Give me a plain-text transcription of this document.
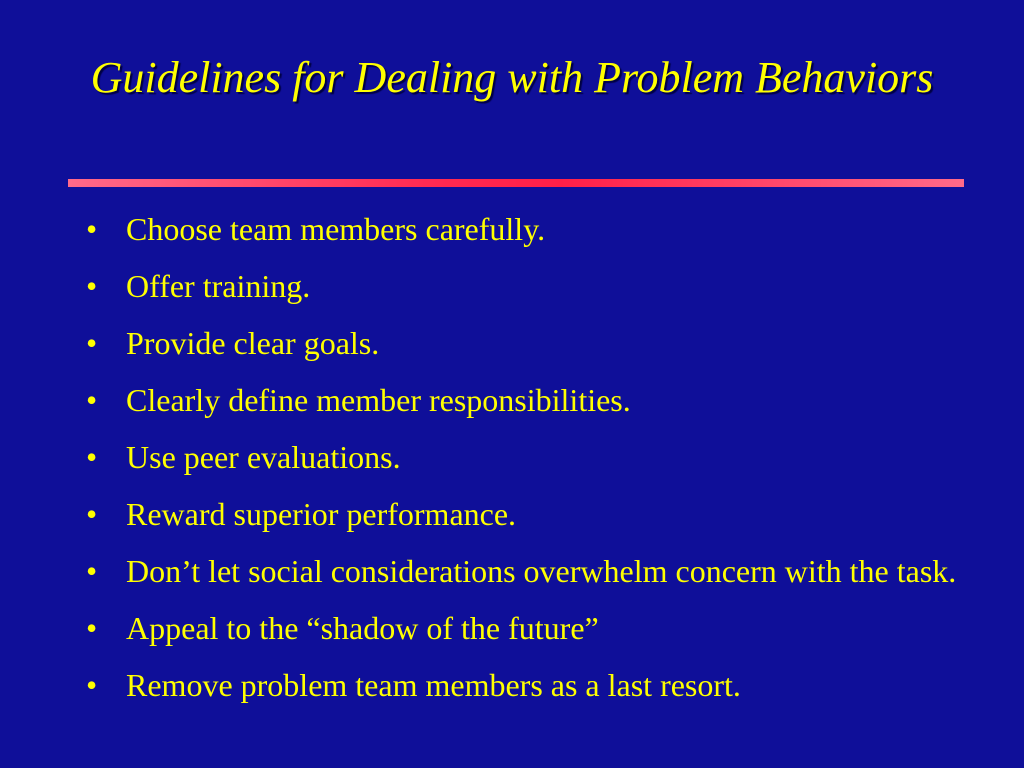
Guidelines for Dealing with Problem Behaviors
• Choose team members carefully.
• Offer training.
• Provide clear goals.
• Clearly define member responsibilities.
• Use peer evaluations.
• Reward superior performance.
• Don’t let social considerations overwhelm concern with the task.
• Appeal to the “shadow of the future”
• Remove problem team members as a last resort.
